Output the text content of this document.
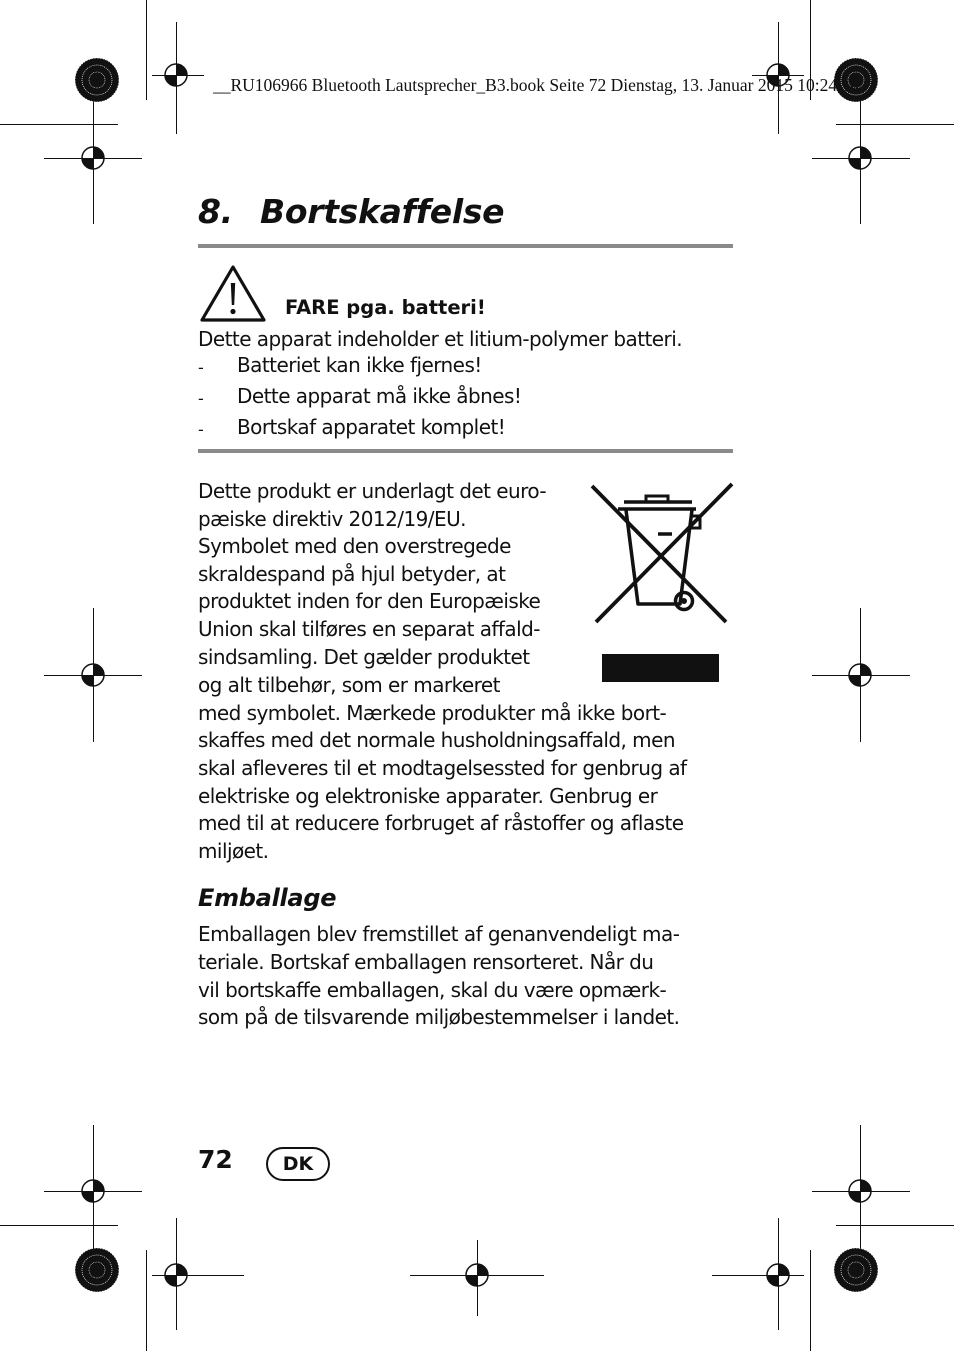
__RU106966 Bluetooth Lautsprecher_B3.book Seite 72 Dienstag, 13. Januar 2015 10:24 10
8. Bortskaffelse
FARE pga. batteri!
Dette apparat indeholder et litium-polymer batteri.
- Batteriet kan ikke fjernes!
- Dette apparat må ikke åbnes!
- Bortskaf apparatet komplet!
Dette produkt er underlagt det euro-
pæiske direktiv 2012/19/EU.
Symbolet med den overstregede
skraldespand på hjul betyder, at
produktet inden for den Europæiske
Union skal tilføres en separat affald-
sindsamling. Det gælder produktet
og alt tilbehør, som er markeret
med symbolet. Mærkede produkter må ikke bort-
skaffes med det normale husholdningsaffald, men
skal afleveres til et modtagelsessted for genbrug af
elektriske og elektroniske apparater. Genbrug er
med til at reducere forbruget af råstoffer og aflaste
miljøet.
Emballage
Emballagen blev fremstillet af genanvendeligt ma-
teriale. Bortskaf emballagen rensorteret. Når du
vil bortskaffe emballagen, skal du være opmærk-
som på de tilsvarende miljøbestemmelser i landet.
72	DK
